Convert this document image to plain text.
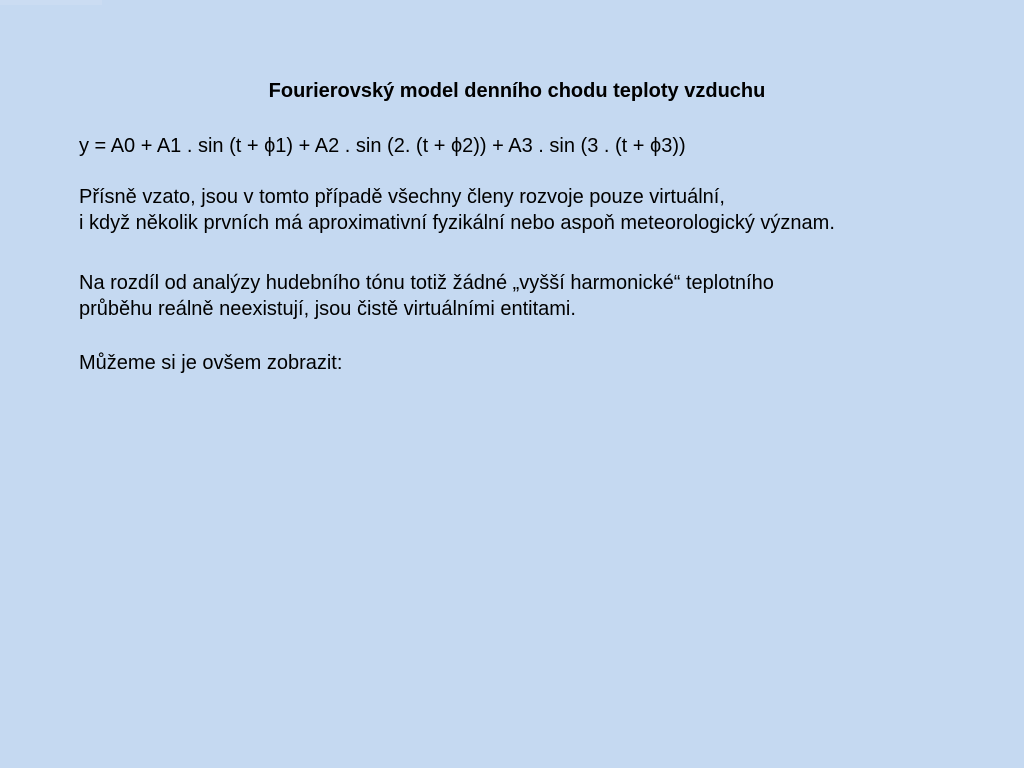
Fourierovský model denního chodu teploty vzduchu
y = A0 + A1 . sin (t + ϕ1) + A2 . sin (2. (t + ϕ2)) + A3 . sin (3 . (t + ϕ3))
Přísně vzato, jsou v tomto případě všechny členy rozvoje pouze virtuální,
i když několik prvních má aproximativní fyzikální nebo aspoň meteorologický význam.
Na rozdíl od analýzy hudebního tónu totiž žádné „vyšší harmonické“ teplotního
průběhu reálně neexistují, jsou čistě virtuálními entitami.
Můžeme si je ovšem zobrazit:
